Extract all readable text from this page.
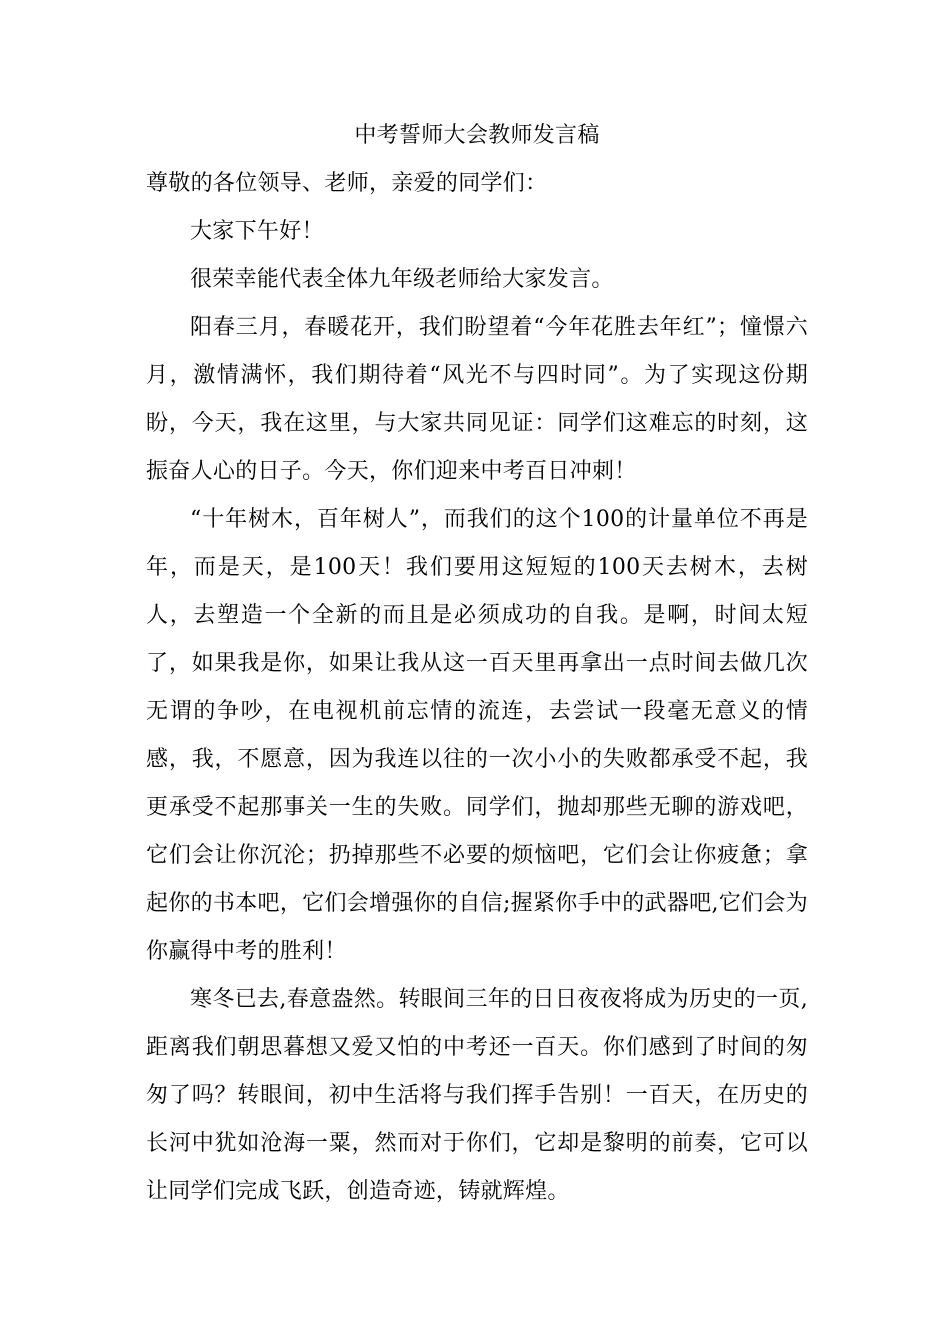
中考誓师大会教师发言稿

尊敬的各位领导、老师，亲爱的同学们：

大家下午好！

很荣幸能代表全体九年级老师给大家发言。

阳春三月，春暖花开，我们盼望着“今年花胜去年红”；憧憬六月，激情满怀，我们期待着“风光不与四时同”。为了实现这份期盼，今天，我在这里，与大家共同见证：同学们这难忘的时刻，这振奋人心的日子。今天，你们迎来中考百日冲刺！

“十年树木，百年树人”，而我们的这个100的计量单位不再是年，而是天，是100天！我们要用这短短的100天去树木，去树人，去塑造一个全新的而且是必须成功的自我。是啊，时间太短了，如果我是你，如果让我从这一百天里再拿出一点时间去做几次无谓的争吵，在电视机前忘情的流连，去尝试一段毫无意义的情感，我，不愿意，因为我连以往的一次小小的失败都承受不起，我更承受不起那事关一生的失败。同学们，抛却那些无聊的游戏吧，它们会让你沉沦；扔掉那些不必要的烦恼吧，它们会让你疲惫；拿起你的书本吧，它们会增强你的自信;握紧你手中的武器吧,它们会为你赢得中考的胜利！

寒冬已去,春意盎然。转眼间三年的日日夜夜将成为历史的一页,距离我们朝思暮想又爱又怕的中考还一百天。你们感到了时间的匆匆了吗？转眼间，初中生活将与我们挥手告别！一百天，在历史的长河中犹如沧海一粟，然而对于你们，它却是黎明的前奏，它可以让同学们完成飞跃，创造奇迹，铸就辉煌。
